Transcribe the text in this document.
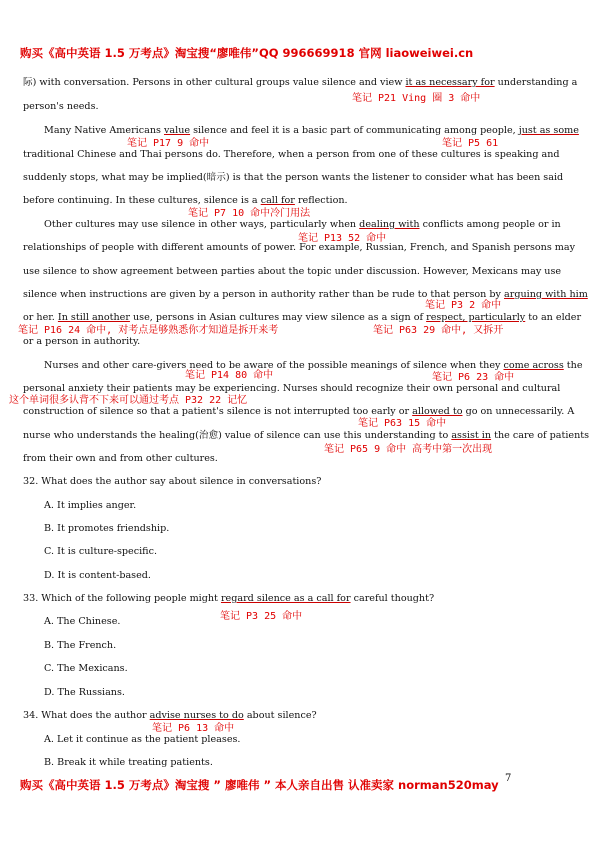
购买《高中英语 1.5 万考点》淘宝搜“廖唯伟”QQ 996669918 官网 liaoweiwei.cn
际) with conversation. Persons in other cultural groups value silence and view it as necessary for understanding a
笔记 P21 Ving 圈 3 命中
person's needs.
Many Native Americans value silence and feel it is a basic part of communicating among people, just as some
笔记 P17 9 命中	笔记 P5 61
traditional Chinese and Thai persons do. Therefore, when a person from one of these cultures is speaking and
suddenly stops, what may be implied(暗示) is that the person wants the listener to consider what has been said
before continuing. In these cultures, silence is a call for reflection.
笔记 P7 10 命中冷门用法
Other cultures may use silence in other ways, particularly when dealing with conflicts among people or in
笔记 P13 52 命中
relationships of people with different amounts of power. For example, Russian, French, and Spanish persons may
use silence to show agreement between parties about the topic under discussion. However, Mexicans may use
silence when instructions are given by a person in authority rather than be rude to that person by arguing with him
笔记 P3 2 命中
or her. In still another use, persons in Asian cultures may view silence as a sign of respect, particularly to an elder
笔记 P16 24 命中, 对考点是够熟悉你才知道是拆开来考	笔记 P63 29 命中, 又拆开
or a person in authority.
Nurses and other care-givers need to be aware of the possible meanings of silence when they come across the
笔记 P14 80 命中	笔记 P6 23 命中
personal anxiety their patients may be experiencing. Nurses should recognize their own personal and cultural
这个单词很多认背不下来可以通过考点 P32 22 记忆
construction of silence so that a patient's silence is not interrupted too early or allowed to go on unnecessarily. A
笔记 P63 15 命中
nurse who understands the healing(治愈) value of silence can use this understanding to assist in the care of patients
笔记 P65 9 命中 高考中第一次出现
from their own and from other cultures.
32. What does the author say about silence in conversations?
A. It implies anger.
B. It promotes friendship.
C. It is culture-specific.
D. It is content-based.
33. Which of the following people might regard silence as a call for careful thought?
笔记 P3 25 命中
A. The Chinese.
B. The French.
C. The Mexicans.
D. The Russians.
34. What does the author advise nurses to do about silence?
笔记 P6 13 命中
A. Let it continue as the patient pleases.
B. Break it while treating patients.
购买《高中英语 1.5 万考点》淘宝搜 ” 廖唯伟 ” 本人亲自出售 认准卖家 norman520may 7
